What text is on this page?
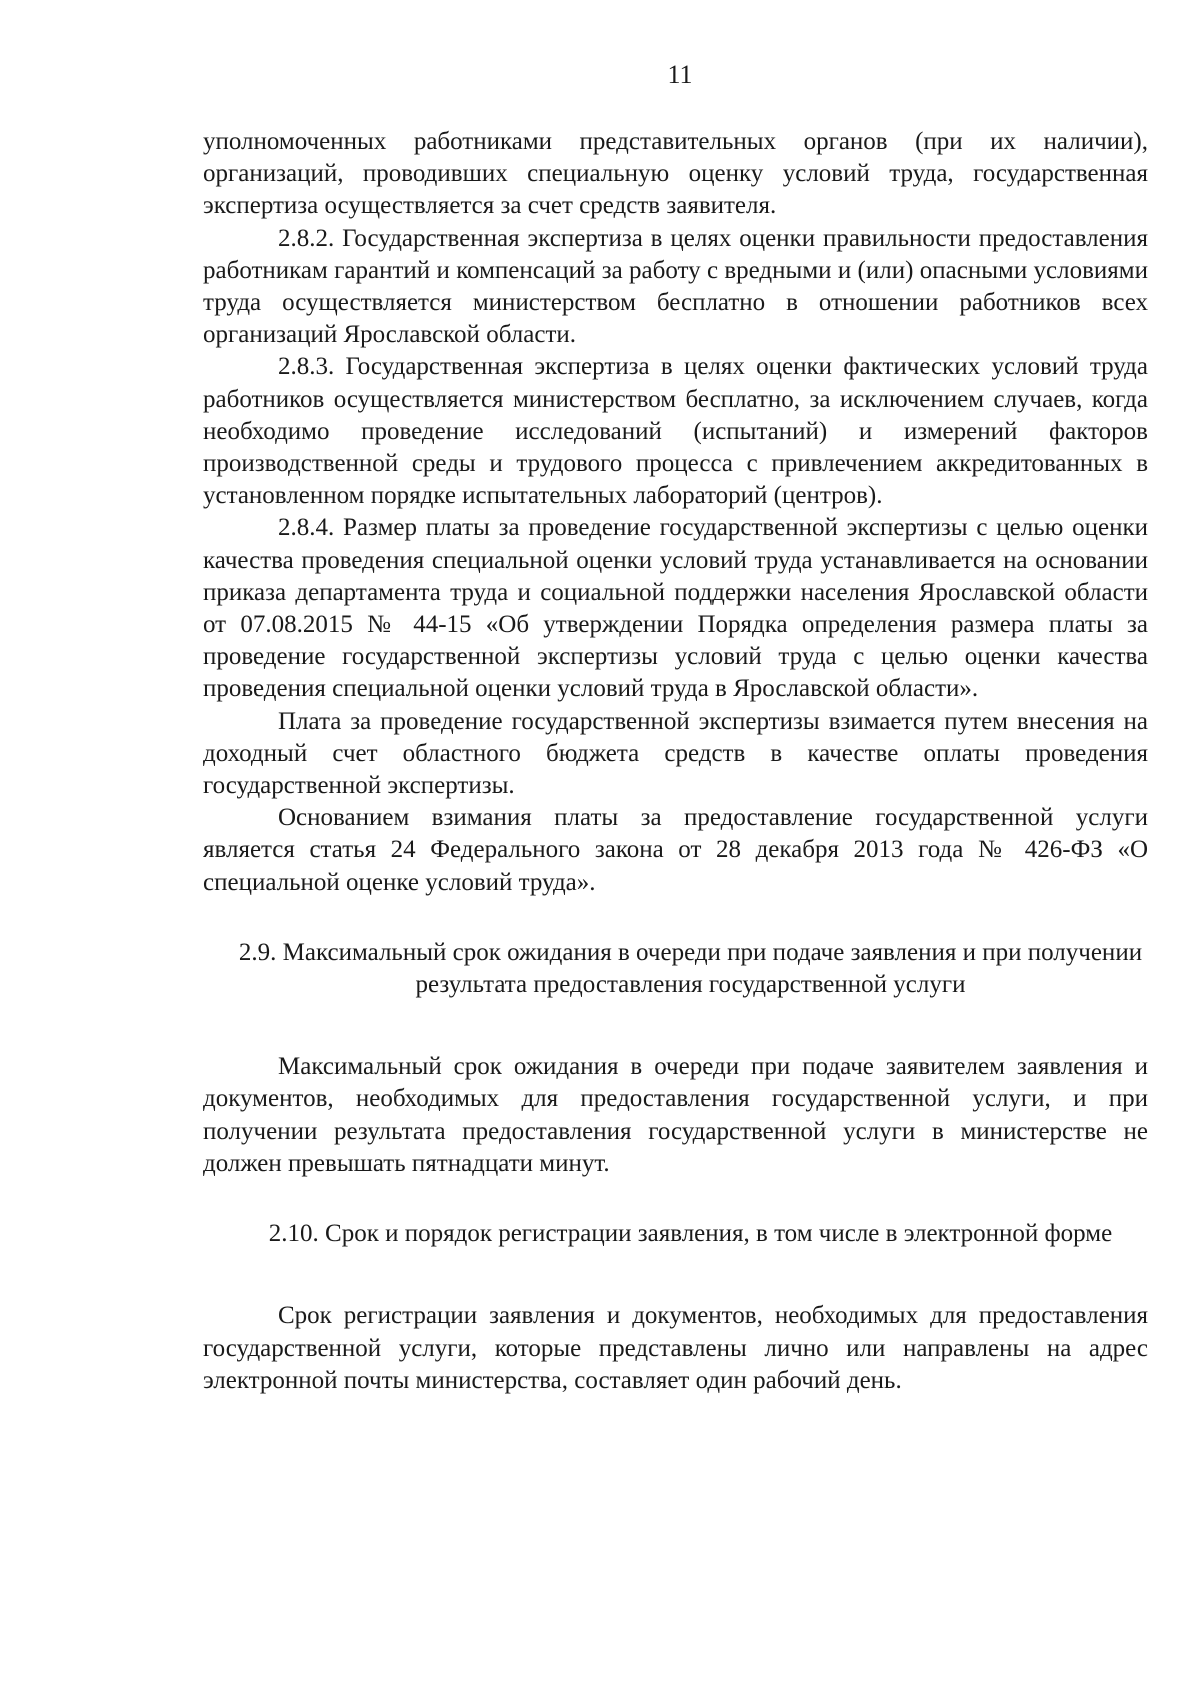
11

уполномоченных работниками представительных органов (при их наличии), организаций, проводивших специальную оценку условий труда, государственная экспертиза осуществляется за счет средств заявителя.

2.8.2. Государственная экспертиза в целях оценки правильности предоставления работникам гарантий и компенсаций за работу с вредными и (или) опасными условиями труда осуществляется министерством бесплатно в отношении работников всех организаций Ярославской области.

2.8.3. Государственная экспертиза в целях оценки фактических условий труда работников осуществляется министерством бесплатно, за исключением случаев, когда необходимо проведение исследований (испытаний) и измерений факторов производственной среды и трудового процесса с привлечением аккредитованных в установленном порядке испытательных лабораторий (центров).

2.8.4. Размер платы за проведение государственной экспертизы с целью оценки качества проведения специальной оценки условий труда устанавливается на основании приказа департамента труда и социальной поддержки населения Ярославской области от 07.08.2015 № 44-15 «Об утверждении Порядка определения размера платы за проведение государственной экспертизы условий труда с целью оценки качества проведения специальной оценки условий труда в Ярославской области».

Плата за проведение государственной экспертизы взимается путем внесения на доходный счет областного бюджета средств в качестве оплаты проведения государственной экспертизы.

Основанием взимания платы за предоставление государственной услуги является статья 24 Федерального закона от 28 декабря 2013 года № 426-ФЗ «О специальной оценке условий труда».

2.9. Максимальный срок ожидания в очереди при подаче заявления и при получении результата предоставления государственной услуги

Максимальный срок ожидания в очереди при подаче заявителем заявления и документов, необходимых для предоставления государственной услуги, и при получении результата предоставления государственной услуги в министерстве не должен превышать пятнадцати минут.

2.10. Срок и порядок регистрации заявления, в том числе в электронной форме

Срок регистрации заявления и документов, необходимых для предоставления государственной услуги, которые представлены лично или направлены на адрес электронной почты министерства, составляет один рабочий день.
